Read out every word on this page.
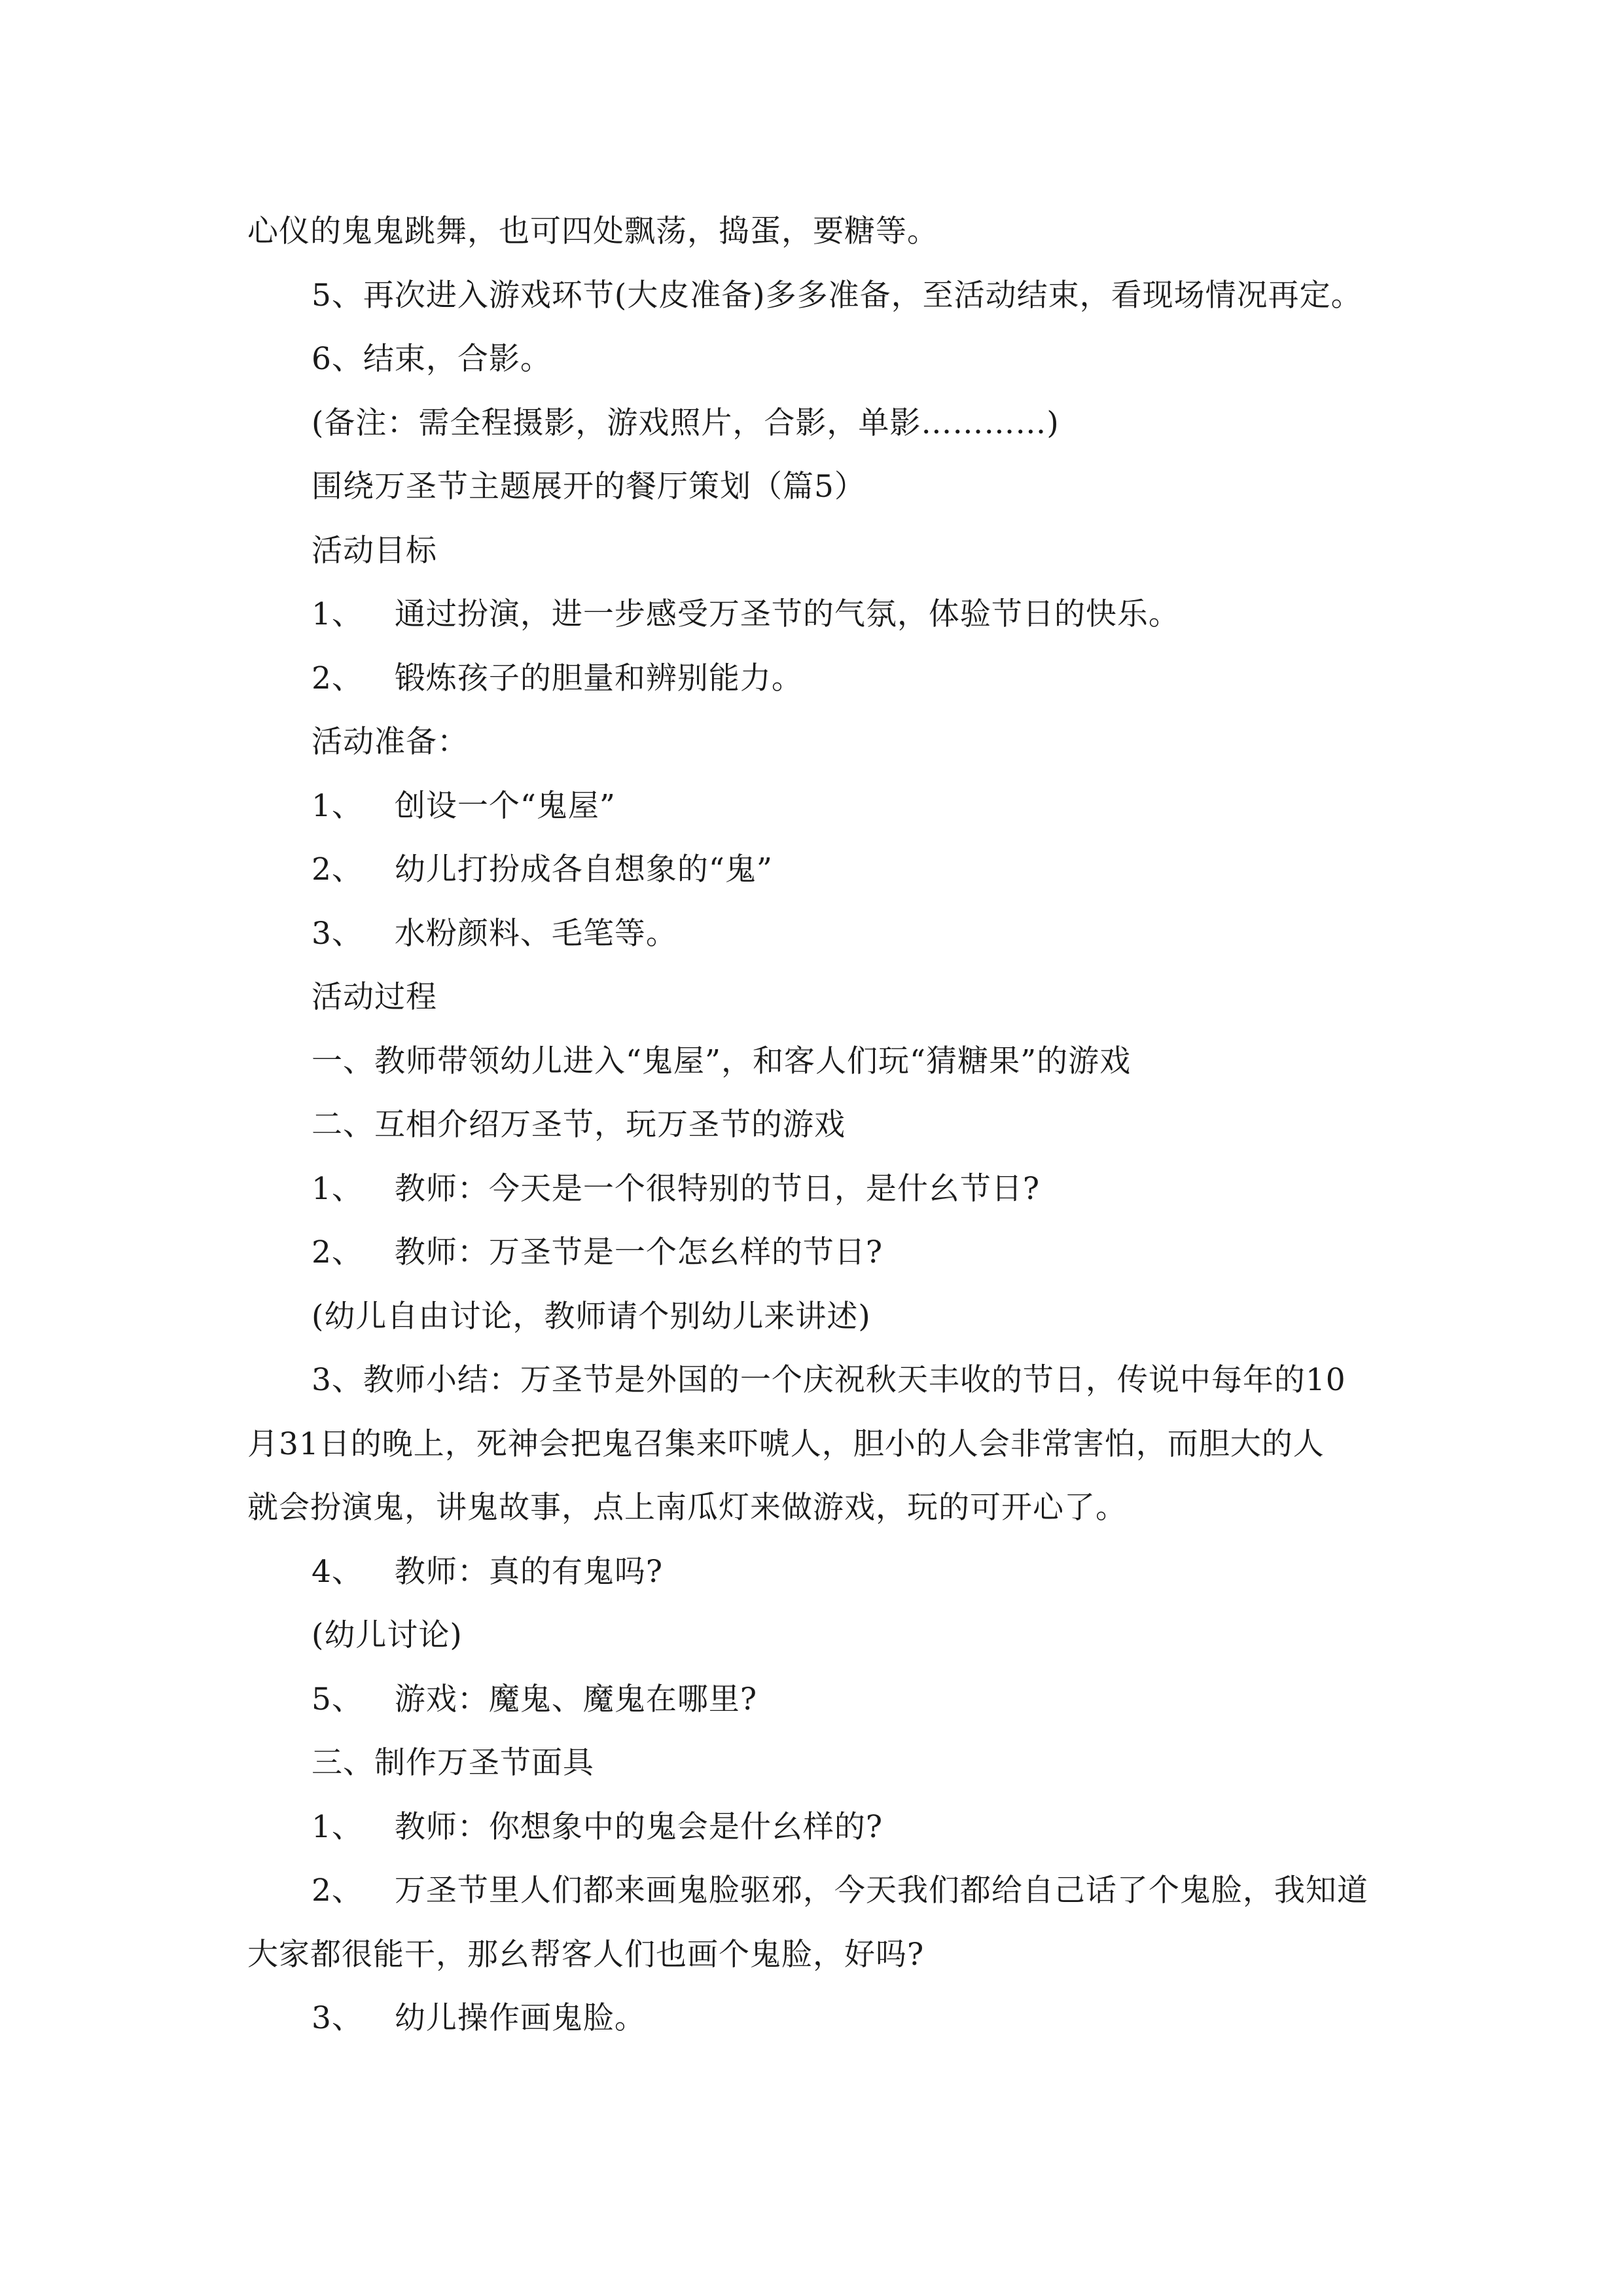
心仪的鬼鬼跳舞，也可四处飘荡，捣蛋，要糖等。
5、再次进入游戏环节(大皮准备)多多准备，至活动结束，看现场情况再定。
6、结束，合影。
(备注：需全程摄影，游戏照片，合影，单影…………)
围绕万圣节主题展开的餐厅策划（篇5）
活动目标
1、 通过扮演，进一步感受万圣节的气氛，体验节日的快乐。
2、 锻炼孩子的胆量和辨别能力。
活动准备：
1、 创设一个“鬼屋”
2、 幼儿打扮成各自想象的“鬼”
3、 水粉颜料、毛笔等。
活动过程
一、教师带领幼儿进入“鬼屋”，和客人们玩“猜糖果”的游戏
二、互相介绍万圣节，玩万圣节的游戏
1、 教师：今天是一个很特别的节日，是什幺节日?
2、 教师：万圣节是一个怎幺样的节日?
(幼儿自由讨论，教师请个别幼儿来讲述)
3、教师小结：万圣节是外国的一个庆祝秋天丰收的节日，传说中每年的10
月31日的晚上，死神会把鬼召集来吓唬人，胆小的人会非常害怕，而胆大的人
就会扮演鬼，讲鬼故事，点上南瓜灯来做游戏，玩的可开心了。
4、 教师：真的有鬼吗?
(幼儿讨论)
5、 游戏：魔鬼、魔鬼在哪里?
三、制作万圣节面具
1、 教师：你想象中的鬼会是什幺样的?
2、 万圣节里人们都来画鬼脸驱邪，今天我们都给自己话了个鬼脸，我知道
大家都很能干，那幺帮客人们也画个鬼脸，好吗?
3、 幼儿操作画鬼脸。
